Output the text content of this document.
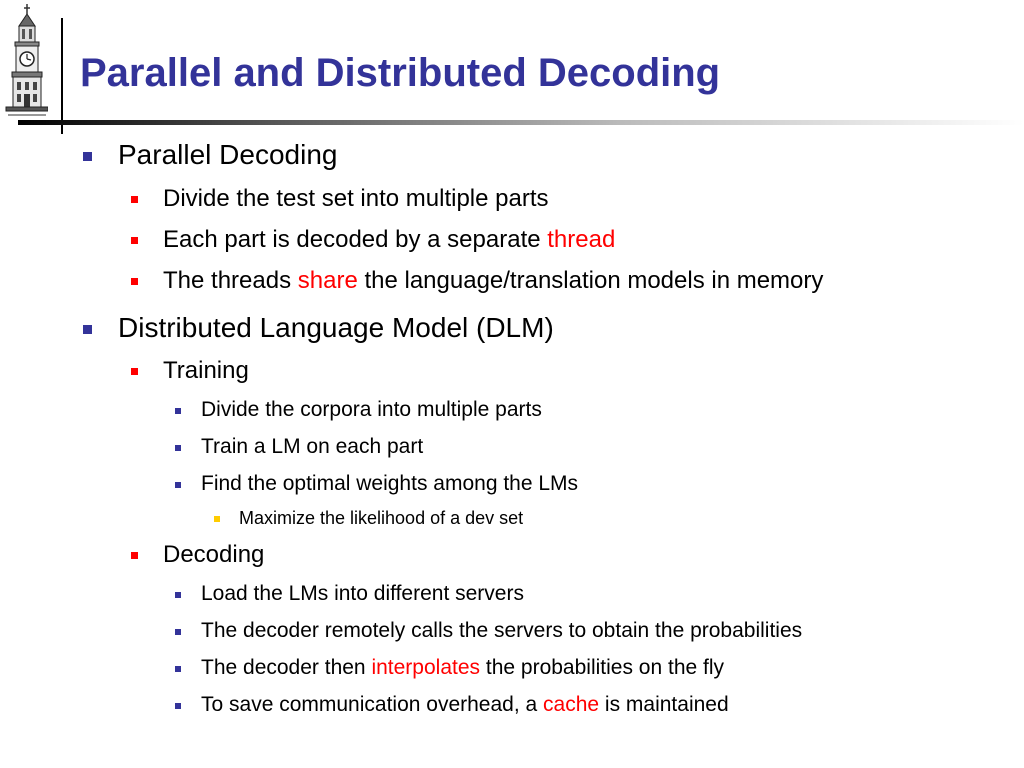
Parallel and Distributed Decoding
Parallel Decoding
Divide the test set into multiple parts
Each part is decoded by a separate thread
The threads share the language/translation models in memory
Distributed Language Model (DLM)
Training
Divide the corpora into multiple parts
Train a LM on each part
Find the optimal weights among the LMs
Maximize the likelihood of a dev set
Decoding
Load the LMs into different servers
The decoder remotely calls the servers to obtain the probabilities
The decoder then interpolates the probabilities on the fly
To save communication overhead, a cache is maintained
